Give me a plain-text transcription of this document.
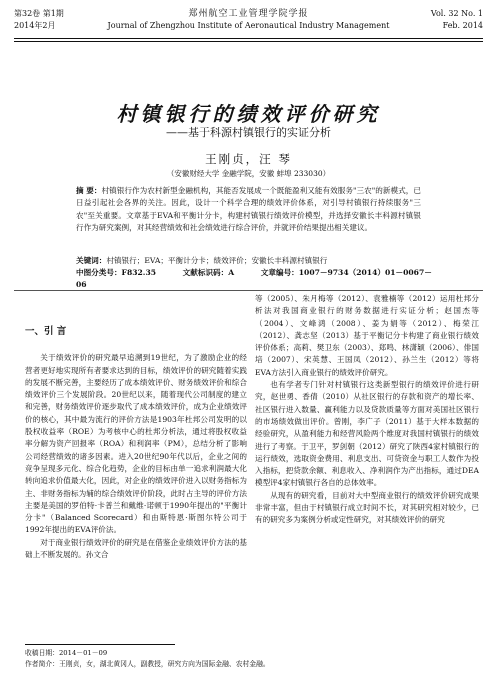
第32卷 第1期
2014年2月
郑州航空工业管理学院学报
Journal of Zhengzhou Institute of Aeronautical Industry Management
Vol. 32 No. 1
Feb. 2014
村镇银行的绩效评价研究
——基于科源村镇银行的实证分析
王刚贞，汪 琴
（安徽财经大学 金融学院，安徽 蚌埠 233030）
摘 要：村镇银行作为农村新型金融机构，其能否发展成一个既能盈利又能有效服务"三农"的新模式，已日益引起社会各界的关注。因此，设计一个科学合理的绩效评价体系，对引导村镇银行持续服务"三农"至关重要。文章基于EVA和平衡计分卡，构建村镇银行绩效评价模型，并选择安徽长丰科源村镇银行作为研究案例，对其经营绩效和社会绩效进行综合评价，并就评价结果提出相关建议。
关键词：村镇银行；EVA；平衡计分卡；绩效评价；安徽长丰科源村镇银行
中图分类号：F832.35	文献标识码：A	文章编号：1007－9734（2014）01－0067－06
一、引 言

关于绩效评价的研究最早追溯到19世纪，为了激励企业的经营者更好地实现所有者要求达到的目标，绩效评价的研究随着实践的发展不断完善，主要经历了成本绩效评价、财务绩效评价和综合绩效评价三个发展阶段。20世纪以来，随着现代公司制度的建立和完善，财务绩效评价逐步取代了成本绩效评价，成为企业绩效评价的核心，其中最为流行的评价方法是1903年杜邦公司发明的以股权收益率（ROE）为考核中心的杜邦分析法，通过将股权收益率分解为资产回报率（ROA）和利润率（PM），总结分析了影响公司经营绩效的诸多因素。进入20世纪90年代以后，企业之间的竞争呈现多元化、综合化趋势，企业的目标由单一追求利润最大化转向追求价值最大化，因此，对企业的绩效评价进入以财务指标为主、非财务指标为辅的综合绩效评价阶段，此时占主导的评价方法主要是美国的罗伯特·卡普兰和戴维·诺顿于1990年提出的"平衡计分卡"（Balanced Scorecard）和由斯特恩·斯图尔特公司于1992年提出的EVA评价法。

对于商业银行绩效评价的研究是在借鉴企业绩效评价方法的基础上不断发展的。孙文合

等（2005）、朱月梅等（2012）、袁雅楠等（2012）运用杜邦分析法对我国商业银行的财务数据进行实证分析；赵国杰等（2004）、文峰鸿（2008）、姜为娟等（2012）、梅荣江（2012）、龚志坚（2013）基于平衡记分卡构建了商业银行绩效评价体系；高莉、樊卫东（2003）、郑鸣、林潇颖（2006）、俳国培（2007）、宋英慧、王国凤（2012）、孙兰生（2012）等将EVA方法引入商业银行的绩效评价研究。

也有学者专门针对村镇银行这类新型银行的绩效评价进行研究，赵世勇、香倩（2010）从社区银行的存款和资产的增长率、社区银行进入数量、赢利能力以及贷款质量等方面对美国社区银行的市场绩效做出评价。曾刚，李广子（2011）基于大样本数据的经验研究，从盈利能力和经营风险两个维度对我国村镇银行的绩效进行了考察。于卫平，罗剑朝（2012）研究了陕西4家村镇银行的运行绩效，选取资金费用、利息支出、可贷资金与职工人数作为投入指标，把贷款余额、利息收入、净利润作为产出指标，通过DEA模型评4家村镇银行各自的总体效率。

从现有的研究看，目前对大中型商业银行的绩效评价研究成果非常丰富，但由于村镇银行成立时间不长，对其研究相对较少，已有的研究多为案例分析或定性研究，对其绩效评价的研究

收稿日期：2014－01－09
作者简介：王刚贞，女，湖北黄冈人，副教授，研究方向为国际金融、农村金融。
